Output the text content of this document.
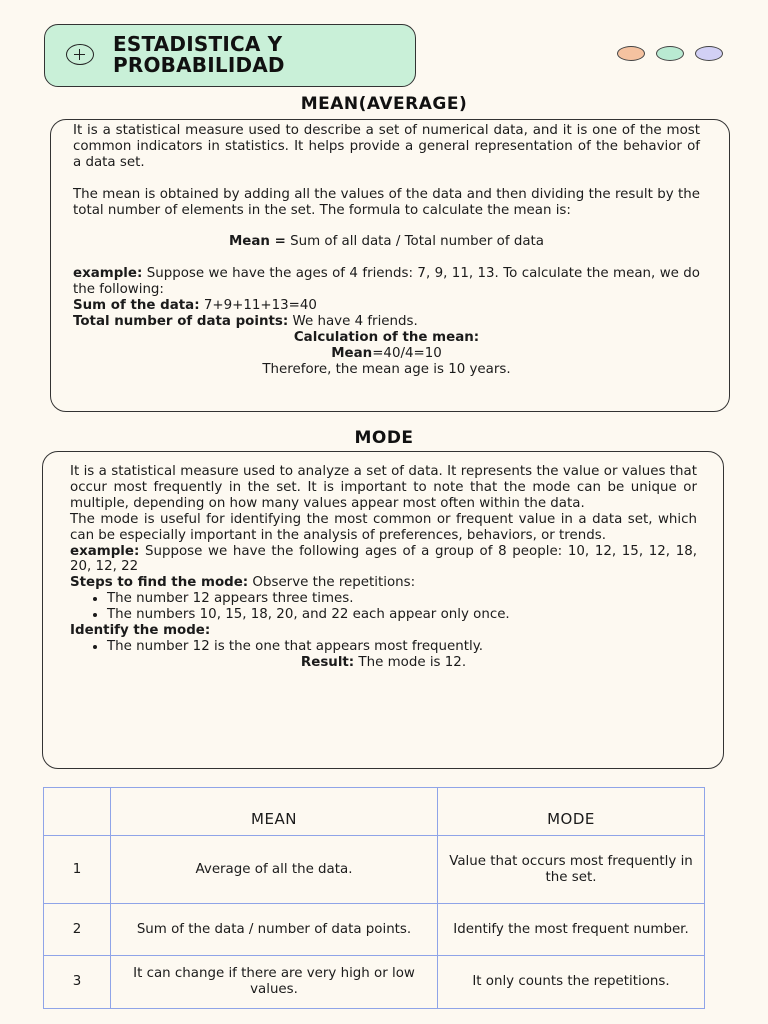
ESTADISTICA Y
PROBABILIDAD
MEAN(AVERAGE)
It is a statistical measure used to describe a set of numerical data, and it is one of the most common indicators in statistics. It helps provide a general representation of the behavior of a data set.
The mean is obtained by adding all the values of the data and then dividing the result by the total number of elements in the set. The formula to calculate the mean is:
Mean = Sum of all data / Total number of data
example: Suppose we have the ages of 4 friends: 7, 9, 11, 13. To calculate the mean, we do the following:
Sum of the data: 7+9+11+13=40
Total number of data points: We have 4 friends.
Calculation of the mean:
Mean=40/4=10
Therefore, the mean age is 10 years.
MODE
It is a statistical measure used to analyze a set of data. It represents the value or values that occur most frequently in the set. It is important to note that the mode can be unique or multiple, depending on how many values appear most often within the data.
The mode is useful for identifying the most common or frequent value in a data set, which can be especially important in the analysis of preferences, behaviors, or trends.
example: Suppose we have the following ages of a group of 8 people: 10, 12, 15, 12, 18, 20, 12, 22
Steps to find the mode: Observe the repetitions:
• The number 12 appears three times.
• The numbers 10, 15, 18, 20, and 22 each appear only once.
Identify the mode:
• The number 12 is the one that appears most frequently.
Result: The mode is 12.
	MEAN	MODE
1	Average of all the data.	Value that occurs most frequently in the set.
2	Sum of the data / number of data points.	Identify the most frequent number.
3	It can change if there are very high or low values.	It only counts the repetitions.
